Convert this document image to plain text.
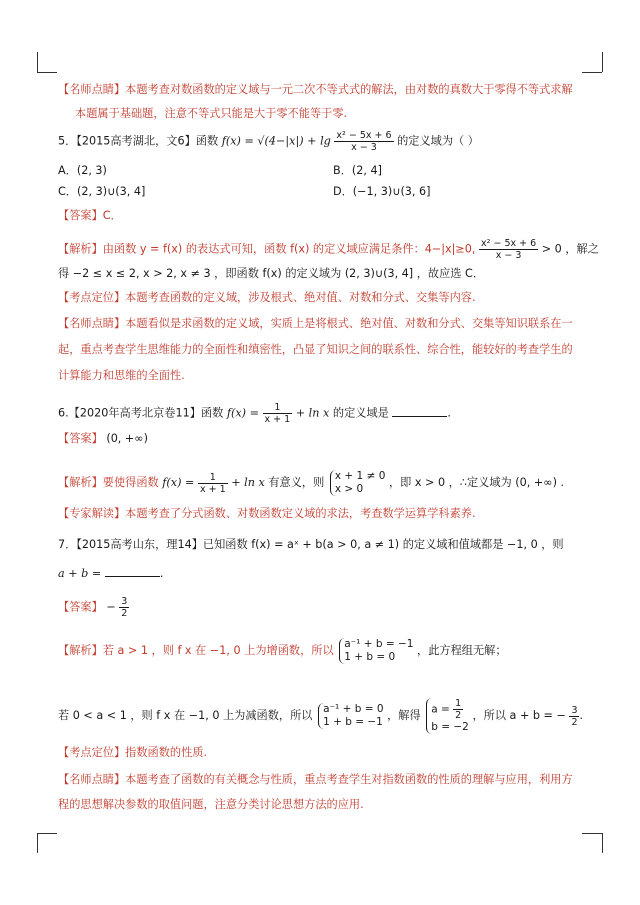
【名师点睛】本题考查对数函数的定义域与一元二次不等式式的解法，由对数的真数大于零得不等式求解
本题属于基础题，注意不等式只能是大于零不能等于零.
5．【2015高考湖北，文6】函数 $f(x) = √(4-|x|) + \lg \frac{\text{x² − 5x + 6}}{x - 3}$ 的定义域为（ ）
A．(2, 3)	B．(2, 4]
C．(2, 3)∪(3, 4]	D．(−1, 3)∪(3, 6]
【答案】C．
【解析】由函数 y = f(x) 的表达式可知，函数 f(x) 的定义域应满足条件：4−|x|≥0, $\frac{\text{x² − 5x + 6}}{x - 3} > 0$ ，解之
得 −2 ≤ x ≤ 2, x > 2, x ≠ 3 ，即函数 f(x) 的定义域为 (2, 3)∪(3, 4] ，故应选 C．
【考点定位】本题考查函数的定义域，涉及根式、绝对值、对数和分式、交集等内容.
【名师点睛】本题看似是求函数的定义域，实质上是将根式、绝对值、对数和分式、交集等知识联系在一
起，重点考查学生思维能力的全面性和缜密性，凸显了知识之间的联系性、综合性，能较好的考查学生的
计算能力和思维的全面性.
6.【2020年高考北京卷11】函数 $f(x) = \frac{1}{x + 1} + \ln x$ 的定义域是	.
【答案】 (0, +∞)
【解析】要使得函数 $f(x) = \frac{1}{x + 1} + \ln x$ 有意义，则 x + 1 ≠ 0
x > 0	，即 x > 0 ，∴定义域为 (0, +∞) .
【专家解读】本题考查了分式函数、对数函数定义域的求法，考查数学运算学科素养.
7．【2015高考山东，理14】已知函数 f(x) = aˣ + b(a > 0, a ≠ 1) 的定义域和值域都是 −1, 0 ，则
a + b =	.
【答案】 − $\frac{3}{2}$
【解析】若 a > 1 ，则 f x 在 −1, 0 上为增函数，所以 a⁻¹ + b = −1
1 + b = 0	，此方程组无解；
若 0 < a < 1 ，则 f x 在 −1, 0 上为减函数，所以 a⁻¹ + b = 0
1 + b = −1 ，解得 $a = \frac{1}{2}$
b = −2
，所以 a + b = − $\frac{3}{2}$ .
【考点定位】指数函数的性质.
【名师点睛】本题考查了函数的有关概念与性质，重点考查学生对指数函数的性质的理解与应用，利用方
程的思想解决参数的取值问题，注意分类讨论思想方法的应用.
